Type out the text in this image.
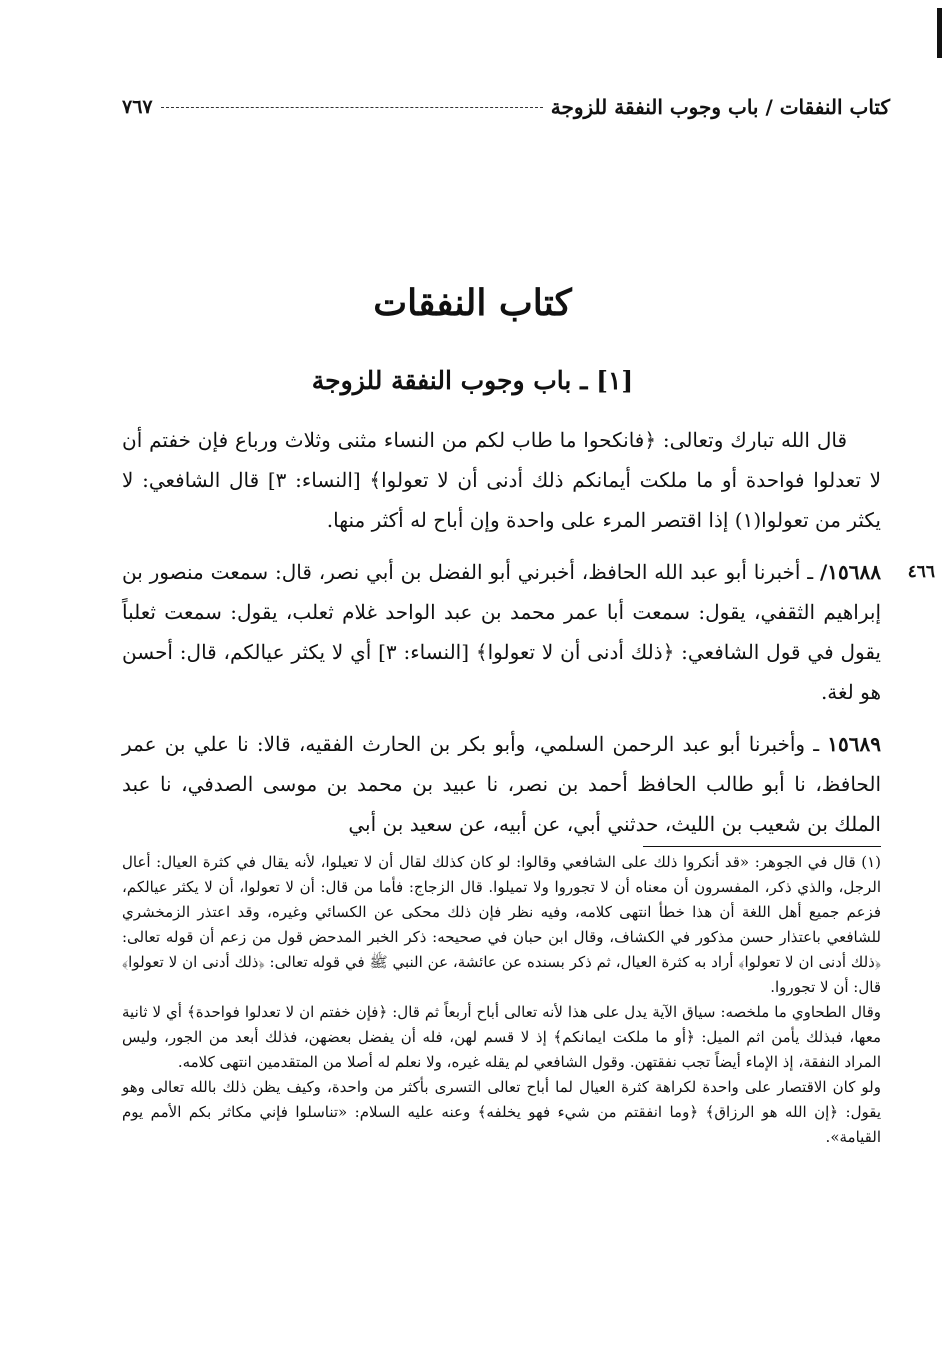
كتاب النفقات / باب وجوب النفقة للزوجة
٧٦٧
كتاب النفقات
[١] ـ باب وجوب النفقة للزوجة

قال الله تبارك وتعالى: ﴿فانكحوا ما طاب لكم من النساء مثنى وثلاث ورباع فإن خفتم أن لا تعدلوا فواحدة أو ما ملكت أيمانكم ذلك أدنى أن لا تعولوا﴾ [النساء: ٣] قال الشافعي: لا يكثر من تعولوا(١) إذا اقتصر المرء على واحدة وإن أباح له أكثر منها.

٤٦٦
١٥٦٨٨/ ـ أخبرنا أبو عبد الله الحافظ، أخبرني أبو الفضل بن أبي نصر، قال: سمعت منصور بن إبراهيم الثقفي، يقول: سمعت أبا عمر محمد بن عبد الواحد غلام ثعلب، يقول: سمعت ثعلباً يقول في قول الشافعي: ﴿ذلك أدنى أن لا تعولوا﴾ [النساء: ٣] أي لا يكثر عيالكم، قال: أحسن هو لغة.

١٥٦٨٩ ـ وأخبرنا أبو عبد الرحمن السلمي، وأبو بكر بن الحارث الفقيه، قالا: نا علي بن عمر الحافظ، نا أبو طالب الحافظ أحمد بن نصر، نا عبيد بن محمد بن موسى الصدفي، نا عبد الملك بن شعيب بن الليث، حدثني أبي، عن أبيه، عن سعيد بن أبي

(١) قال في الجوهر: «قد أنكروا ذلك على الشافعي وقالوا: لو كان كذلك لقال أن لا تعيلوا، لأنه يقال في كثرة العيال: أعال الرجل، والذي ذكر، المفسرون أن معناه أن لا تجوروا ولا تميلوا. قال الزجاج: فأما من قال: أن لا تعولوا، أن لا يكثر عيالكم، فزعم جميع أهل اللغة أن هذا خطأ انتهى كلامه، وفيه نظر فإن ذلك محكى عن الكسائي وغيره، وقد اعتذر الزمخشري للشافعي باعتذار حسن مذكور في الكشاف، وقال ابن حبان في صحيحه: ذكر الخبر المدحض قول من زعم أن قوله تعالى: ﴿ذلك أدنى ان لا تعولوا﴾ أراد به كثرة العيال، ثم ذكر بسنده عن عائشة، عن النبي ﷺ في قوله تعالى: ﴿ذلك أدنى ان لا تعولوا﴾ قال: أن لا تجوروا.

وقال الطحاوي ما ملخصه: سياق الآية يدل على هذا لأنه تعالى أباح أربعاً ثم قال: ﴿فإن خفتم ان لا تعدلوا فواحدة﴾ أي لا ثانية معها، فبذلك يأمن اثم الميل: ﴿أو ما ملكت ايمانكم﴾ إذ لا قسم لهن، فله أن يفضل بعضهن، فذلك أبعد من الجور، وليس المراد النفقة، إذ الإماء أيضاً تجب نفقتهن. وقول الشافعي لم يقله غيره، ولا نعلم له أصلا من المتقدمين انتهى كلامه.

ولو كان الاقتصار على واحدة لكراهة كثرة العيال لما أباح تعالى التسرى بأكثر من واحدة، وكيف يظن ذلك بالله تعالى وهو يقول: ﴿إن الله هو الرزاق﴾ ﴿وما انفقتم من شيء فهو يخلفه﴾ وعنه عليه السلام: «تناسلوا فإني مكاثر بكم الأمم يوم القيامة».
